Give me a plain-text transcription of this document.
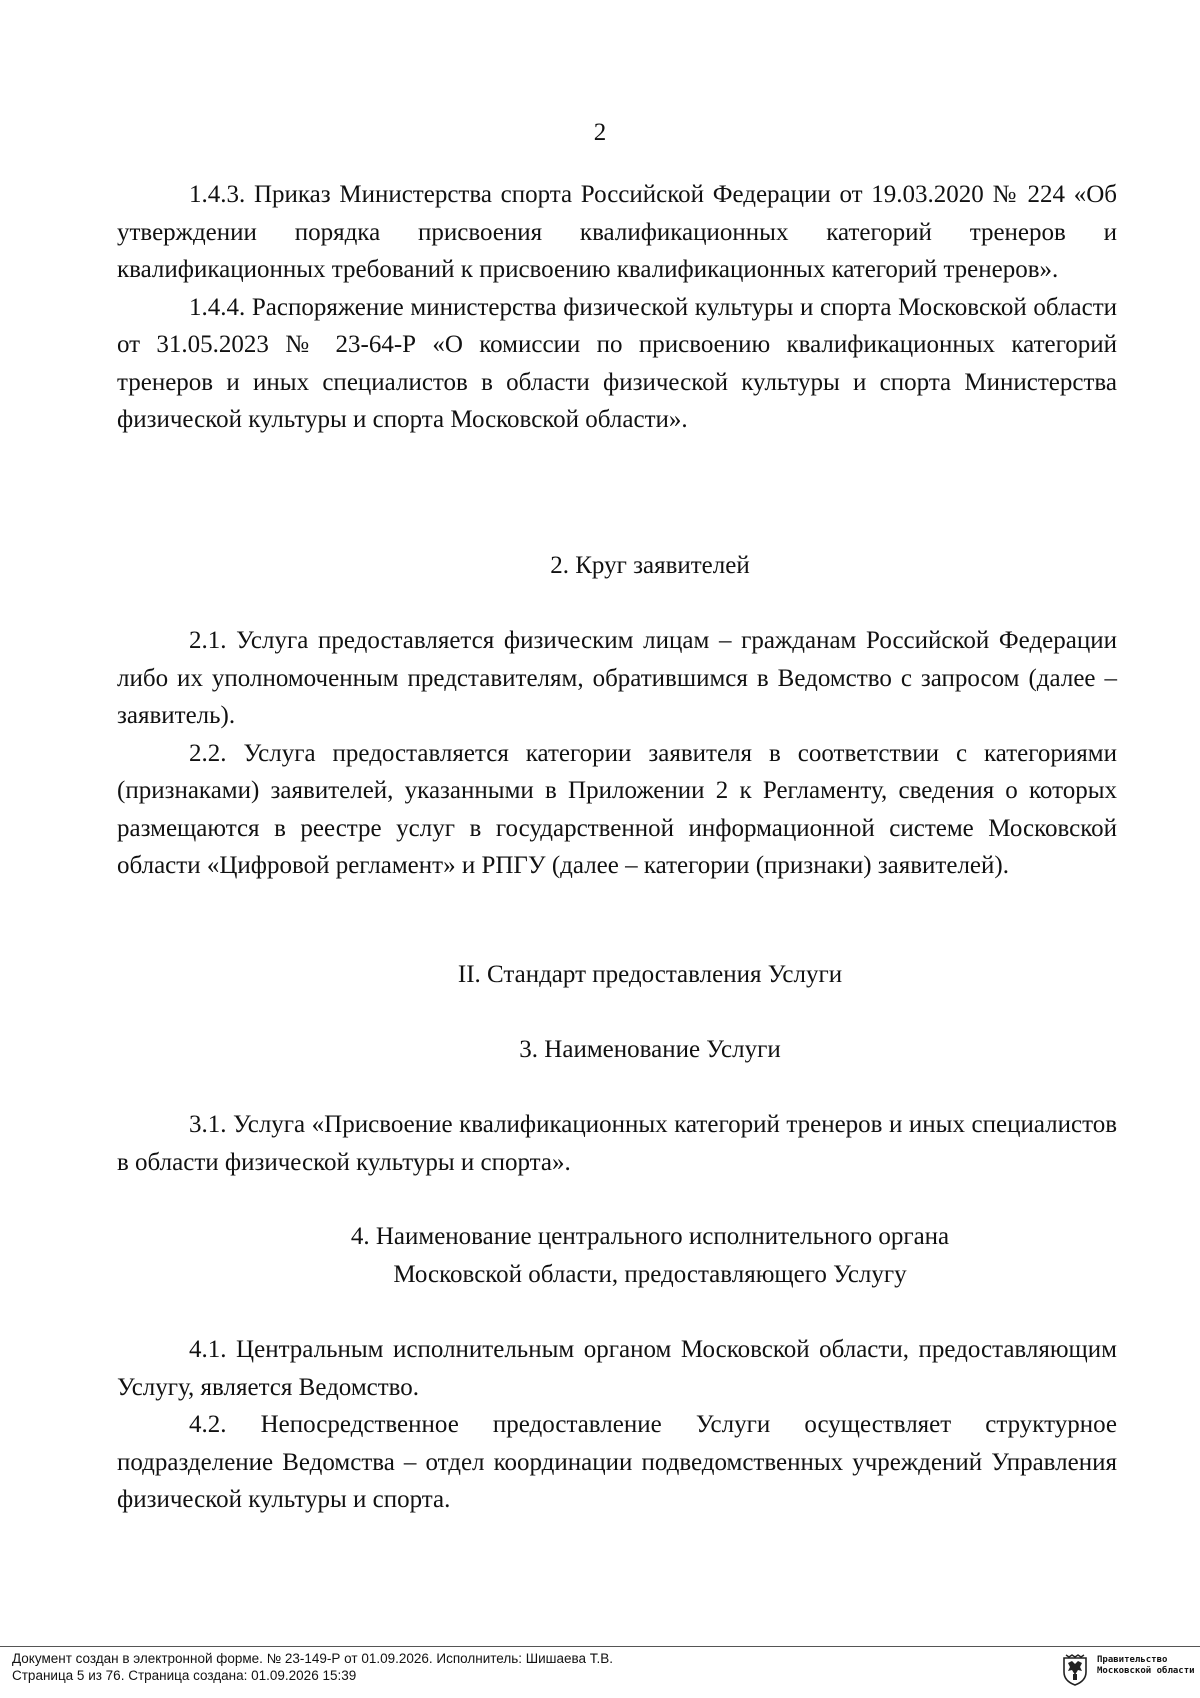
2

1.4.3. Приказ Министерства спорта Российской Федерации от 19.03.2020 № 224 «Об утверждении порядка присвоения квалификационных категорий тренеров и квалификационных требований к присвоению квалификационных категорий тренеров».

1.4.4. Распоряжение министерства физической культуры и спорта Московской области от 31.05.2023 № 23-64-Р «О комиссии по присвоению квалификационных категорий тренеров и иных специалистов в области физической культуры и спорта Министерства физической культуры и спорта Московской области».

2. Круг заявителей

2.1. Услуга предоставляется физическим лицам – гражданам Российской Федерации либо их уполномоченным представителям, обратившимся в Ведомство с запросом (далее – заявитель).

2.2. Услуга предоставляется категории заявителя в соответствии с категориями (признаками) заявителей, указанными в Приложении 2 к Регламенту, сведения о которых размещаются в реестре услуг в государственной информационной системе Московской области «Цифровой регламент» и РПГУ (далее – категории (признаки) заявителей).

II. Стандарт предоставления Услуги
3. Наименование Услуги

3.1. Услуга «Присвоение квалификационных категорий тренеров и иных специалистов в области физической культуры и спорта».

4. Наименование центрального исполнительного органа
Московской области, предоставляющего Услугу

4.1. Центральным исполнительным органом Московской области, предоставляющим Услугу, является Ведомство.

4.2. Непосредственное предоставление Услуги осуществляет структурное подразделение Ведомства – отдел координации подведомственных учреждений Управления физической культуры и спорта.

Документ создан в электронной форме. № 23-149-Р от 01.09.2026. Исполнитель: Шишаева Т.В.
Страница 5 из 76. Страница создана: 01.09.2026 15:39
Правительство
Московской области
